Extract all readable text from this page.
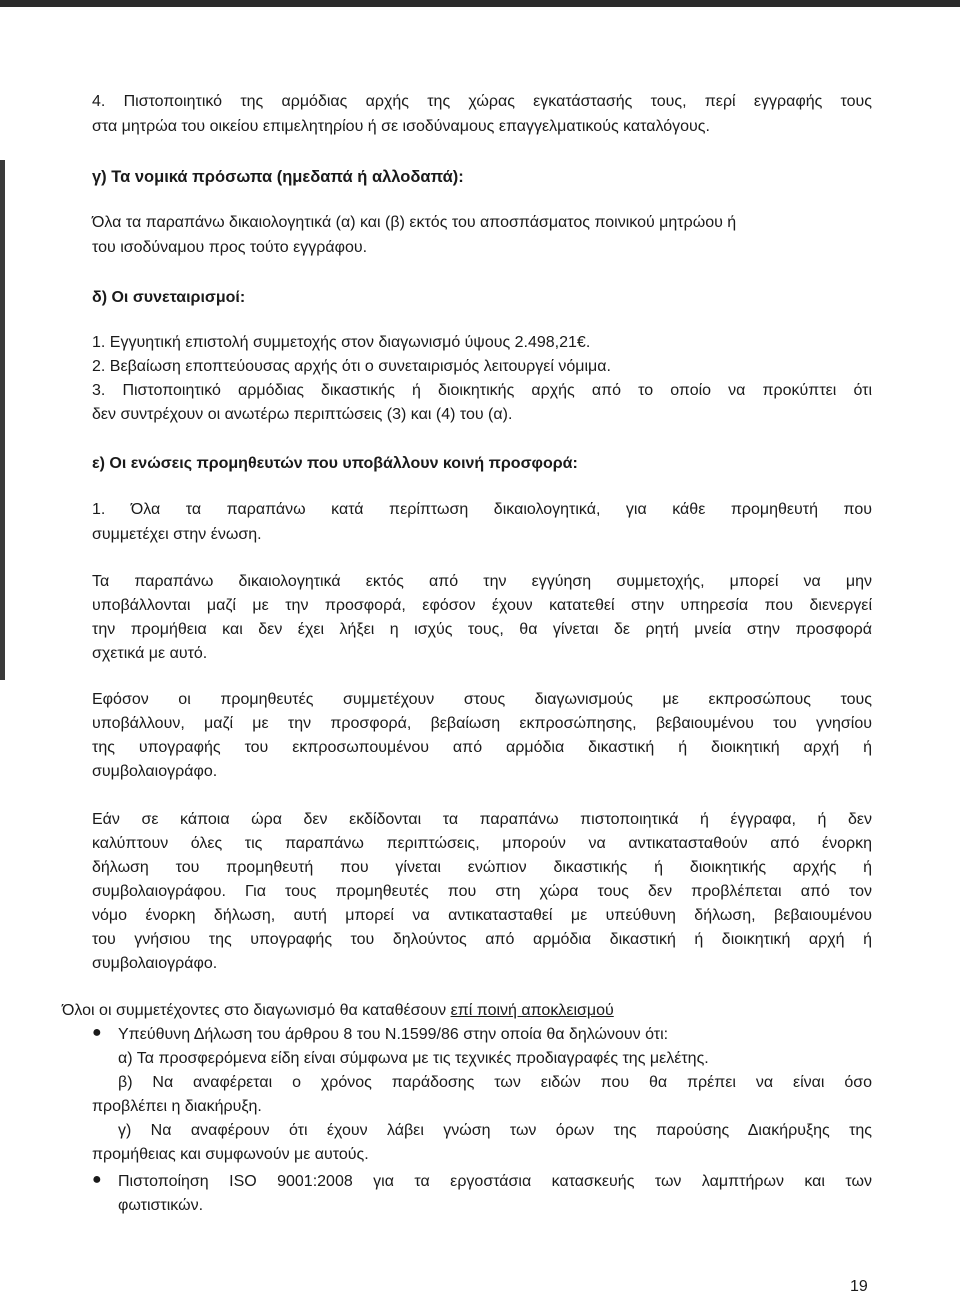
4. Πιστοποιητικό της αρμόδιας αρχής της χώρας εγκατάστασής τους, περί εγγραφής τους
στα μητρώα του οικείου επιμελητηρίου ή σε ισοδύναμους επαγγελματικούς καταλόγους.
γ) Τα νομικά πρόσωπα (ημεδαπά ή αλλοδαπά):
Όλα τα παραπάνω δικαιολογητικά (α) και (β) εκτός του αποσπάσματος ποινικού μητρώου ή
του ισοδύναμου προς τούτο εγγράφου.
δ) Οι συνεταιρισμοί:
1. Εγγυητική επιστολή συμμετοχής στον διαγωνισμό ύψους 2.498,21€.
2. Βεβαίωση εποπτεύουσας αρχής ότι ο συνεταιρισμός λειτουργεί νόμιμα.
3. Πιστοποιητικό αρμόδιας δικαστικής ή διοικητικής αρχής από το οποίο να προκύπτει ότι
δεν συντρέχουν οι ανωτέρω περιπτώσεις (3) και (4) του (α).
ε) Οι ενώσεις προμηθευτών που υποβάλλουν κοινή προσφορά:
1. Όλα τα παραπάνω κατά περίπτωση δικαιολογητικά, για κάθε προμηθευτή που
συμμετέχει στην ένωση.
Τα παραπάνω δικαιολογητικά εκτός από την εγγύηση συμμετοχής, μπορεί να μην
υποβάλλονται μαζί με την προσφορά, εφόσον έχουν κατατεθεί στην υπηρεσία που διενεργεί
την προμήθεια και δεν έχει λήξει η ισχύς τους, θα γίνεται δε ρητή μνεία στην προσφορά
σχετικά με αυτό.
Εφόσον οι προμηθευτές συμμετέχουν στους διαγωνισμούς με εκπροσώπους τους
υποβάλλουν, μαζί με την προσφορά, βεβαίωση εκπροσώπησης, βεβαιουμένου του γνησίου
της υπογραφής του εκπροσωπουμένου από αρμόδια δικαστική ή διοικητική αρχή ή
συμβολαιογράφο.
Εάν σε κάποια ώρα δεν εκδίδονται τα παραπάνω πιστοποιητικά ή έγγραφα, ή δεν
καλύπτουν όλες τις παραπάνω περιπτώσεις, μπορούν να αντικατασταθούν από ένορκη
δήλωση του προμηθευτή που γίνεται ενώπιον δικαστικής ή διοικητικής αρχής ή
συμβολαιογράφου. Για τους προμηθευτές που στη χώρα τους δεν προβλέπεται από τον
νόμο ένορκη δήλωση, αυτή μπορεί να αντικατασταθεί με υπεύθυνη δήλωση, βεβαιουμένου
του γνήσιου της υπογραφής του δηλούντος από αρμόδια δικαστική ή διοικητική αρχή ή
συμβολαιογράφο.
Όλοι οι συμμετέχοντες στο διαγωνισμό θα καταθέσουν επί ποινή αποκλεισμού
● Υπεύθυνη Δήλωση του άρθρου 8 του Ν.1599/86 στην οποία θα δηλώνουν ότι:
α) Τα προσφερόμενα είδη είναι σύμφωνα με τις τεχνικές προδιαγραφές της μελέτης.
β) Να αναφέρεται ο χρόνος παράδοσης των ειδών που θα πρέπει να είναι όσο
προβλέπει η διακήρυξη.
γ) Να αναφέρουν ότι έχουν λάβει γνώση των όρων της παρούσης Διακήρυξης της
προμήθειας και συμφωνούν με αυτούς.
● Πιστοποίηση ISO 9001:2008 για τα εργοστάσια κατασκευής των λαμπτήρων και των
φωτιστικών.
19
